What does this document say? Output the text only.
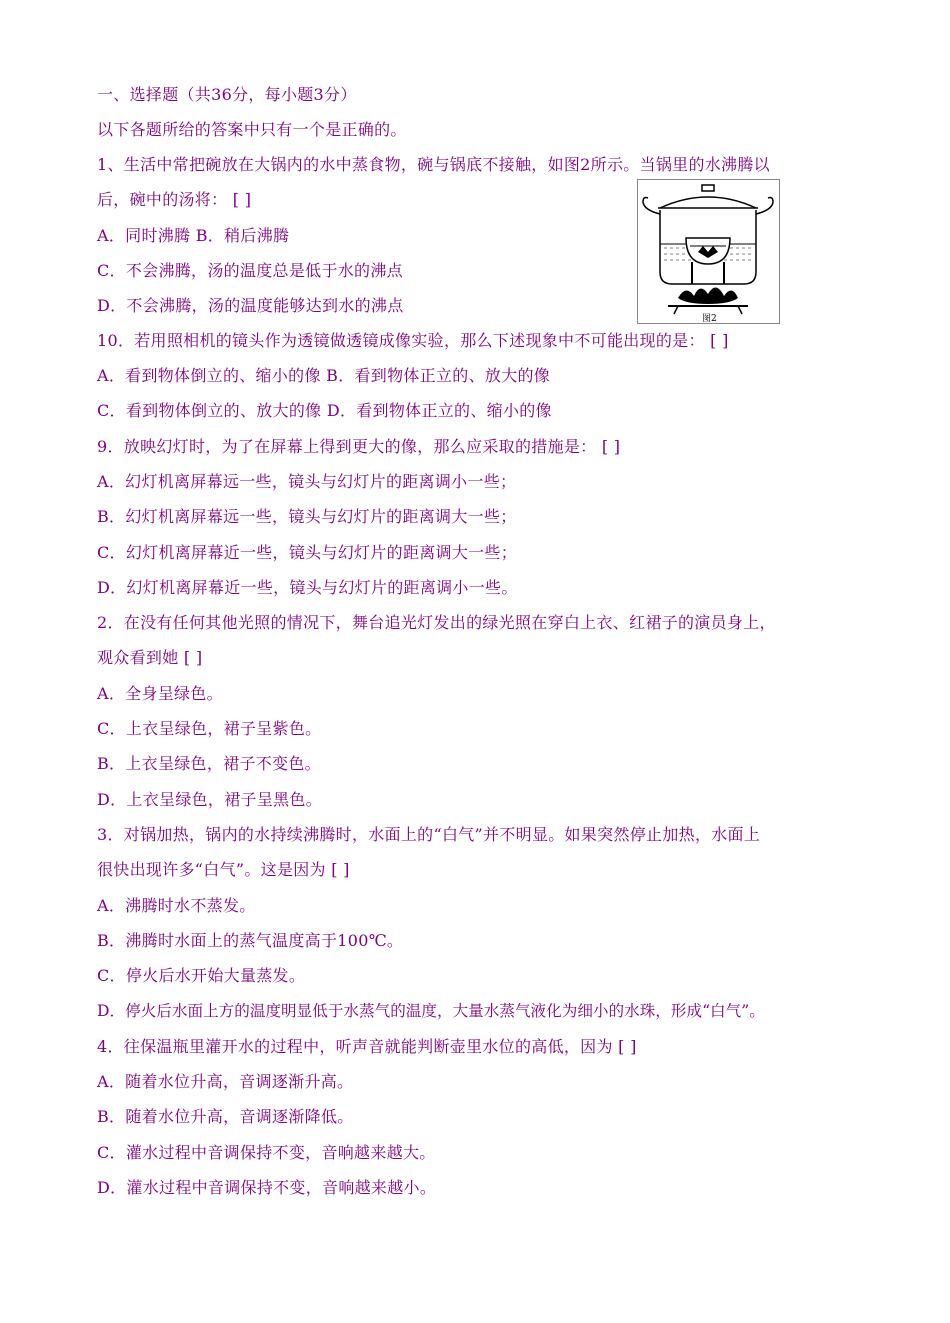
一、选择题（共36分，每小题3分）
以下各题所给的答案中只有一个是正确的。
1、生活中常把碗放在大锅内的水中蒸食物，碗与锅底不接触，如图2所示。当锅里的水沸腾以
后，碗中的汤将： [ ]
A．同时沸腾 B．稍后沸腾
C．不会沸腾，汤的温度总是低于水的沸点
D．不会沸腾，汤的温度能够达到水的沸点
图2
10．若用照相机的镜头作为透镜做透镜成像实验，那么下述现象中不可能出现的是： [ ]
A．看到物体倒立的、缩小的像 B．看到物体正立的、放大的像
C．看到物体倒立的、放大的像 D．看到物体正立的、缩小的像
9．放映幻灯时，为了在屏幕上得到更大的像，那么应采取的措施是： [ ]
A．幻灯机离屏幕远一些，镜头与幻灯片的距离调小一些；
B．幻灯机离屏幕远一些，镜头与幻灯片的距离调大一些；
C．幻灯机离屏幕近一些，镜头与幻灯片的距离调大一些；
D．幻灯机离屏幕近一些，镜头与幻灯片的距离调小一些。
2．在没有任何其他光照的情况下，舞台追光灯发出的绿光照在穿白上衣、红裙子的演员身上，
观众看到她 [ ]
A．全身呈绿色。
C．上衣呈绿色，裙子呈紫色。
B．上衣呈绿色，裙子不变色。
D．上衣呈绿色，裙子呈黑色。
3．对锅加热，锅内的水持续沸腾时，水面上的“白气”并不明显。如果突然停止加热，水面上
很快出现许多“白气”。这是因为 [ ]
A．沸腾时水不蒸发。
B．沸腾时水面上的蒸气温度高于100℃。
C．停火后水开始大量蒸发。
D．停火后水面上方的温度明显低于水蒸气的温度，大量水蒸气液化为细小的水珠，形成“白气”。
4．往保温瓶里灌开水的过程中，听声音就能判断壶里水位的高低，因为 [ ]
A．随着水位升高，音调逐渐升高。
B．随着水位升高，音调逐渐降低。
C．灌水过程中音调保持不变，音响越来越大。
D．灌水过程中音调保持不变，音响越来越小。
